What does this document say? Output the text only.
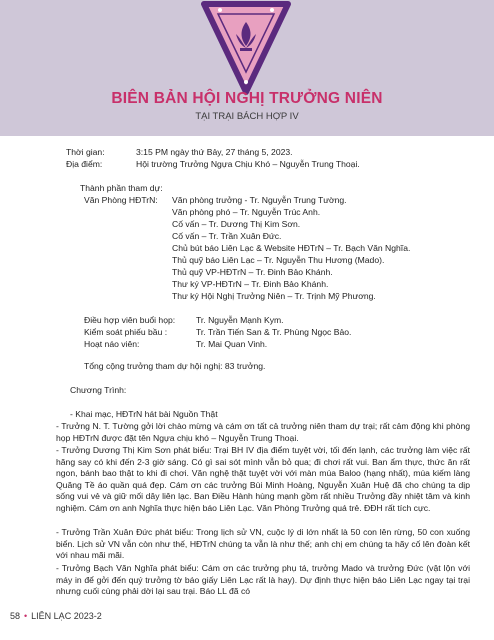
BIÊN BẢN HỘI NGHỊ TRƯỞNG NIÊN
TẠI TRẠI BÁCH HỢP IV
Thời gian:	3:15 PM ngày thứ Bảy, 27 tháng 5, 2023.
Địa điểm:	Hội trường Trưởng Ngựa Chịu Khó – Nguyễn Trung Thoại.
Thành phần tham dự:
Văn Phòng HĐTrN: Văn phòng trưởng - Tr. Nguyễn Trung Tường.
Văn phòng phó – Tr. Nguyễn Trúc Anh.
Cố vấn – Tr. Dương Thị Kim Sơn.
Cố vấn – Tr. Trần Xuân Đức.
Chủ bút báo Liên Lạc & Website HĐTrN – Tr. Bạch Văn Nghĩa.
Thủ quỹ báo Liên Lạc – Tr. Nguyễn Thu Hương (Mado).
Thủ quỹ VP-HĐTrN – Tr. Đinh Bảo Khánh.
Thư ký VP-HĐTrN – Tr. Đinh Bảo Khánh.
Thư ký Hội Nghị Trưởng Niên – Tr. Trịnh Mỹ Phương.
Điều hợp viên buổi họp: Tr. Nguyễn Mạnh Kym.
Kiểm soát phiếu bầu :	Tr. Trần Tiến San & Tr. Phùng Ngọc Bảo.
Hoạt náo viên:	Tr. Mai Quan Vinh.
Tổng cộng trưởng tham dự hội nghị: 83 trưởng.
Chương Trình:
- Khai mạc, HĐTrN hát bài Nguồn Thật
- Trưởng N. T. Tường gởi lời chào mừng và cám ơn tất cả trưởng niên tham dự trại; rất cảm động khi phòng họp HĐTrN được đặt tên Ngựa chịu khó – Nguyễn Trung Thoại.
- Trưởng Dương Thị Kim Sơn phát biểu: Trại BH IV địa điểm tuyệt vời, tối đến lạnh, các trưởng làm việc rất hăng say có khi đến 2-3 giờ sáng. Có gì sai sót mình vẫn bỏ qua; đi chơi rất vui. Ban ẩm thực, thức ăn rất ngon, bánh bao thật to khi đi chơi. Văn nghệ thật tuyệt vời với màn múa Baloo (hạng nhất), múa kiếm làng Quăng Tề áo quần quá đẹp. Cám ơn các trưởng Bùi Minh Hoàng, Nguyễn Xuân Huệ đã cho chúng ta dịp sống vui vẻ và giữ mối dây liên lạc. Ban Điều Hành hùng mạnh gồm rất nhiều Trưởng đầy nhiệt tâm và kinh nghiệm. Cám ơn anh Nghĩa thực hiện báo Liên Lạc. Văn Phòng Trưởng quá trẻ. ĐĐH rất tích cực.
- Trưởng Trần Xuân Đức phát biểu: Trong lịch sử VN, cuộc lý di lớn nhất là 50 con lên rừng, 50 con xuống biển. Lịch sử VN vẫn còn như thế, HĐTrN chúng ta vẫn là như thế; anh chị em chúng ta hãy cố lên đoàn kết với nhau mãi mãi.
- Trưởng Bạch Văn Nghĩa phát biểu: Cám ơn các trưởng phụ tá, trưởng Mado và trưởng Đức (vật lộn với máy in để gởi đến quý trưởng tờ báo giấy Liên Lạc rất là hay). Dự định thực hiện báo Liên Lạc ngay tại trại nhưng cuối cùng phải dời lại sau trại. Báo LL đã có
58 • LIÊN LẠC 2023-2
